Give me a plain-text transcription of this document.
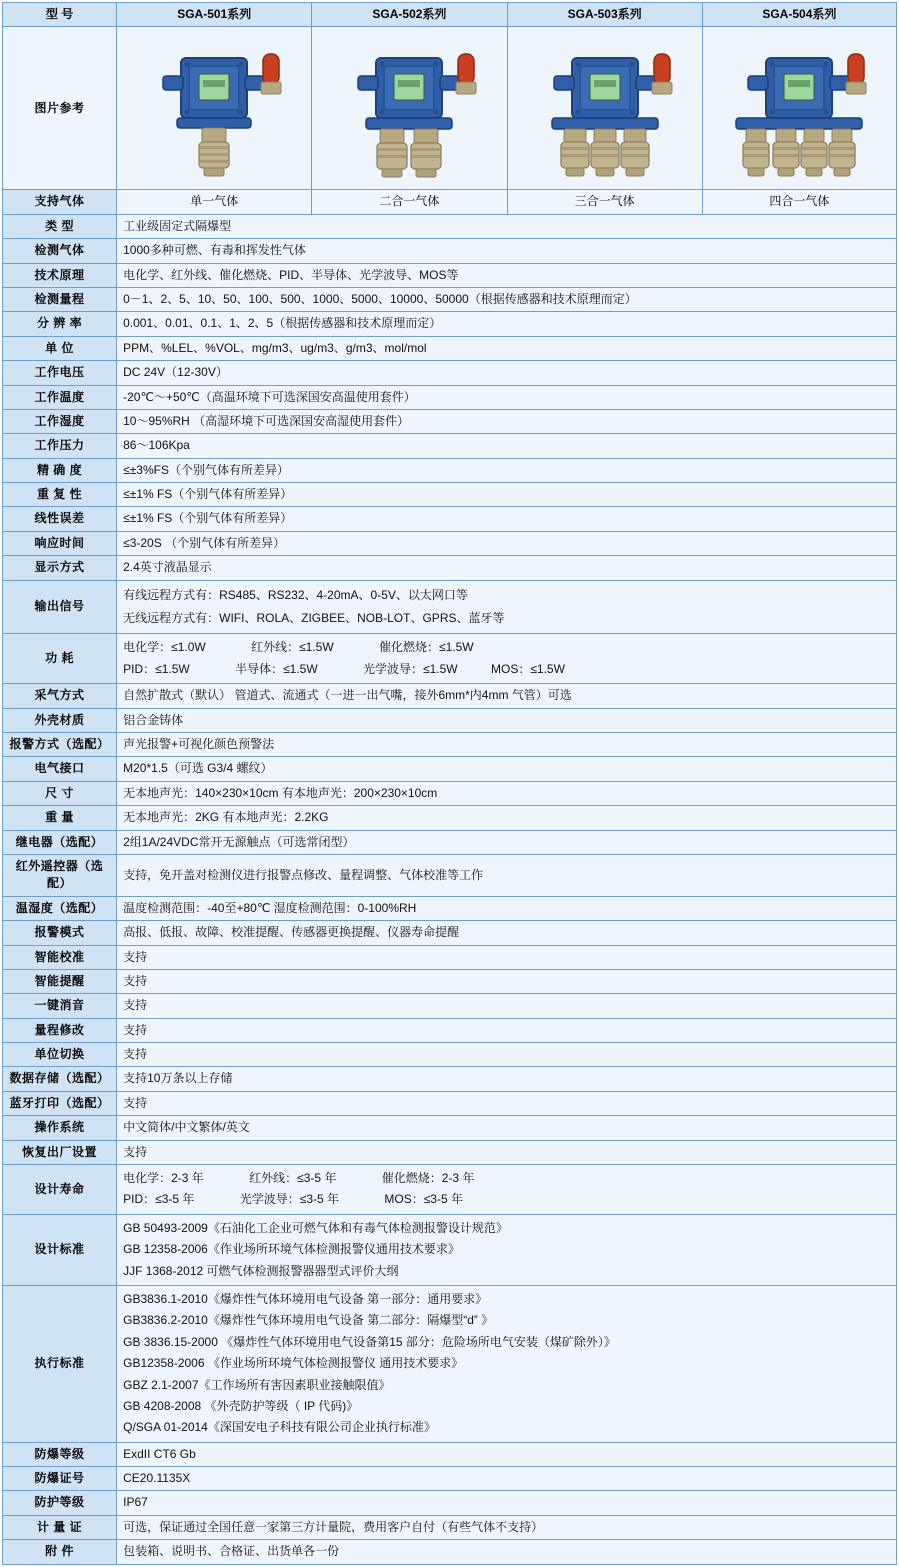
型 号	SGA-501系列	SGA-502系列	SGA-503系列	SGA-504系列
图片参考	

支持气体	单一气体	二合一气体	三合一气体	四合一气体
类 型	工业级固定式隔爆型			
检测气体	1000多种可燃、有毒和挥发性气体			
技术原理	电化学、红外线、催化燃烧、PID、半导体、光学波导、MOS等			
检测量程	0－1、2、5、10、50、100、500、1000、5000、10000、50000（根据传感器和技术原理而定）			
分 辨 率	0.001、0.01、0.1、1、2、5（根据传感器和技术原理而定）			
单 位	PPM、%LEL、%VOL、mg/m3、ug/m3、g/m3、mol/mol			
工作电压	DC 24V（12-30V）			
工作温度	-20℃～+50℃（高温环境下可选深国安高温使用套件）			
工作湿度	10～95%RH （高湿环境下可选深国安高湿使用套件）			
工作压力	86～106Kpa			
精 确 度	≤±3%FS（个别气体有所差异）			
重 复 性	≤±1% FS（个别气体有所差异）			
线性误差	≤±1% FS（个别气体有所差异）			
响应时间	≤3-20S （个别气体有所差异）			
显示方式	2.4英寸液晶显示			
输出信号	有线远程方式有：RS485、RS232、4-20mA、0-5V、以太网口等
无线远程方式有：WIFI、ROLA、ZIGBEE、NOB-LOT、GPRS、蓝牙等			

功 耗	电化学：≤1.0W 红外线：≤1.5W 催化燃烧：≤1.5W
PID：≤1.5W 半导体：≤1.5W 光学波导：≤1.5W MOS：≤1.5W			

采气方式	自然扩散式（默认） 管道式、流通式（一进一出气嘴，接外6mm*内4mm 气管）可选			
外壳材质	铝合金铸体			
报警方式（选配）	声光报警+可视化颜色预警法			
电气接口	M20*1.5（可选 G3/4 螺纹）			
尺 寸	无本地声光：140×230×10cm 有本地声光：200×230×10cm			
重 量	无本地声光：2KG 有本地声光：2.2KG			
继电器（选配）	2组1A/24VDC常开无源触点（可选常闭型）			
红外遥控器（选配）	支持，免开盖对检测仪进行报警点修改、量程调整、气体校准等工作			
温湿度（选配）	温度检测范围：-40至+80℃ 湿度检测范围：0-100%RH			
报警模式	高报、低报、故障、校准提醒、传感器更换提醒、仪器寿命提醒			
智能校准	支持			
智能提醒	支持			
一键消音	支持			
量程修改	支持			
单位切换	支持			
数据存储（选配）	支持10万条以上存储			
蓝牙打印（选配）	支持			
操作系统	中文简体/中文繁体/英文			
恢复出厂设置	支持			
设计寿命	电化学：2-3 年 红外线：≤3-5 年 催化燃烧：2-3 年
PID：≤3-5 年 光学波导：≤3-5 年 MOS：≤3-5 年			

设计标准	GB 50493-2009《石油化工企业可燃气体和有毒气体检测报警设计规范》
GB 12358-2006《作业场所环境气体检测报警仪通用技术要求》
JJF 1368-2012 可燃气体检测报警器器型式评价大纲			

执行标准	
GB3836.1-2010《爆炸性气体环境用电气设备 第一部分：通用要求》
GB3836.2-2010《爆炸性气体环境用电气设备 第二部分：隔爆型“d” 》
GB 3836.15-2000 《爆炸性气体环境用电气设备第15 部分：危险场所电气安装（煤矿除外）》
GB12358-2006 《作业场所环境气体检测报警仪 通用技术要求》
GBZ 2.1-2007《工作场所有害因素职业接触限值》
GB 4208-2008 《外壳防护等级（ IP 代码)》
Q/SGA 01-2014《深国安电子科技有限公司企业执行标准》

防爆等级	ExdII CT6 Gb			
防爆证号	CE20.1135X			
防护等级	IP67			
计 量 证	可选，保证通过全国任意一家第三方计量院，费用客户自付（有些气体不支持）			
附 件	包装箱、说明书、合格证、出货单各一份			
